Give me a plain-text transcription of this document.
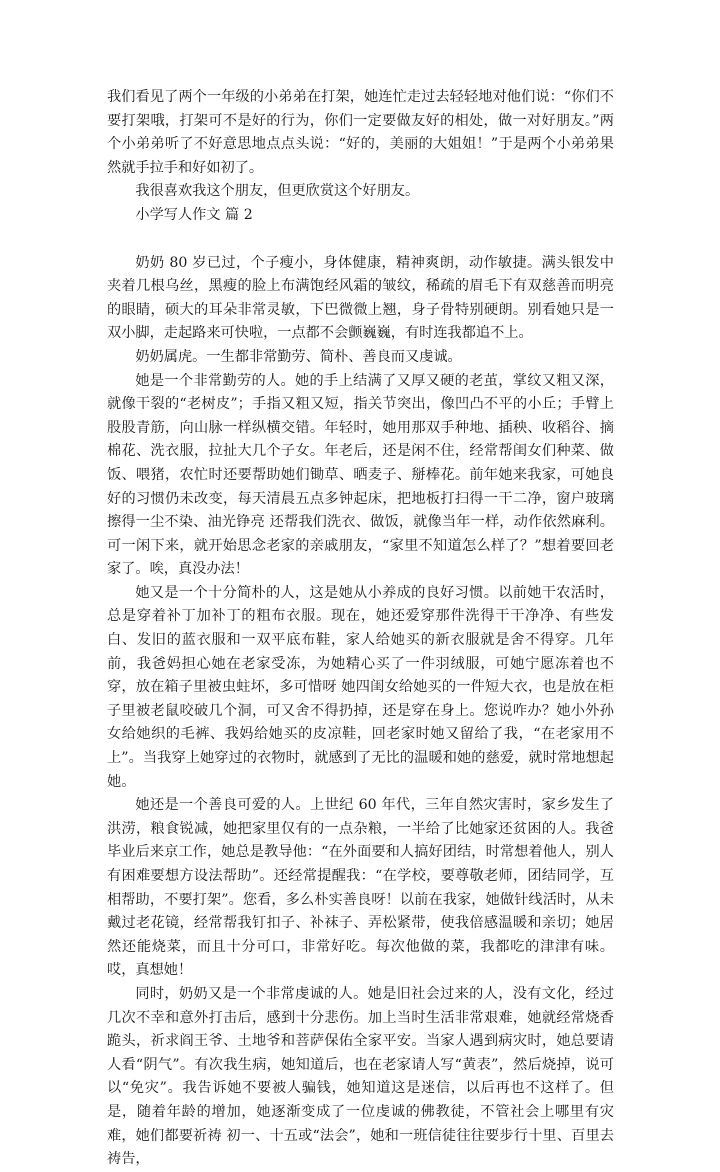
我们看见了两个一年级的小弟弟在打架，她连忙走过去轻轻地对他们说：“你们不要打架哦，打架可不是好的行为，你们一定要做友好的相处，做一对好朋友。”两个小弟弟听了不好意思地点点头说：“好的，美丽的大姐姐！”于是两个小弟弟果然就手拉手和好如初了。

我很喜欢我这个朋友，但更欣赏这个好朋友。

小学写人作文 篇 2

奶奶 80 岁已过，个子瘦小，身体健康，精神爽朗，动作敏捷。满头银发中夹着几根乌丝，黑瘦的脸上布满饱经风霜的皱纹，稀疏的眉毛下有双慈善而明亮的眼睛，硕大的耳朵非常灵敏，下巴微微上翘，身子骨特别硬朗。别看她只是一双小脚，走起路来可快啦，一点都不会颤巍巍，有时连我都追不上。

奶奶属虎。一生都非常勤劳、简朴、善良而又虔诚。

她是一个非常勤劳的人。她的手上结满了又厚又硬的老茧，掌纹又粗又深，就像干裂的“老树皮”；手指又粗又短，指关节突出，像凹凸不平的小丘；手臂上股股青筋，向山脉一样纵横交错。年轻时，她用那双手种地、插秧、收稻谷、摘棉花、洗衣服，拉扯大几个子女。年老后，还是闲不住，经常帮闺女们种菜、做饭、喂猪，农忙时还要帮助她们锄草、晒麦子、掰棒花。前年她来我家，可她良好的习惯仍未改变，每天清晨五点多钟起床，把地板打扫得一干二净，窗户玻璃擦得一尘不染、油光铮亮 还帮我们洗衣、做饭，就像当年一样，动作依然麻利。可一闲下来，就开始思念老家的亲戚朋友，“家里不知道怎么样了？”想着要回老家了。唉，真没办法！

她又是一个十分简朴的人，这是她从小养成的良好习惯。以前她干农活时，总是穿着补丁加补丁的粗布衣服。现在，她还爱穿那件洗得干干净净、有些发白、发旧的蓝衣服和一双平底布鞋，家人给她买的新衣服就是舍不得穿。几年前，我爸妈担心她在老家受冻，为她精心买了一件羽绒服，可她宁愿冻着也不穿，放在箱子里被虫蛀坏，多可惜呀 她四闺女给她买的一件短大衣，也是放在柜子里被老鼠咬破几个洞，可又舍不得扔掉，还是穿在身上。您说咋办？她小外孙女给她织的毛裤、我妈给她买的皮凉鞋，回老家时她又留给了我，“在老家用不上”。当我穿上她穿过的衣物时，就感到了无比的温暖和她的慈爱，就时常地想起她。

她还是一个善良可爱的人。上世纪 60 年代，三年自然灾害时，家乡发生了洪涝，粮食锐减，她把家里仅有的一点杂粮，一半给了比她家还贫困的人。我爸毕业后来京工作，她总是教导他：“在外面要和人搞好团结，时常想着他人，别人有困难要想方设法帮助”。还经常提醒我：“在学校，要尊敬老师，团结同学，互相帮助，不要打架”。您看，多么朴实善良呀！以前在我家，她做针线活时，从未戴过老花镜，经常帮我钉扣子、补袜子、弄松紧带，使我倍感温暖和亲切；她居然还能烧菜，而且十分可口，非常好吃。每次他做的菜，我都吃的津津有味。哎，真想她！

同时，奶奶又是一个非常虔诚的人。她是旧社会过来的人，没有文化，经过几次不幸和意外打击后，感到十分悲伤。加上当时生活非常艰难，她就经常烧香跪头，祈求阎王爷、土地爷和菩萨保佑全家平安。当家人遇到病灾时，她总要请人看“阴气”。有次我生病，她知道后，也在老家请人写“黄表”，然后烧掉，说可以“免灾”。我告诉她不要被人骗钱，她知道这是迷信，以后再也不这样了。但是，随着年龄的增加，她逐渐变成了一位虔诚的佛教徒，不管社会上哪里有灾难，她们都要祈祷 初一、十五或“法会”，她和一班信徒往往要步行十里、百里去祷告，
